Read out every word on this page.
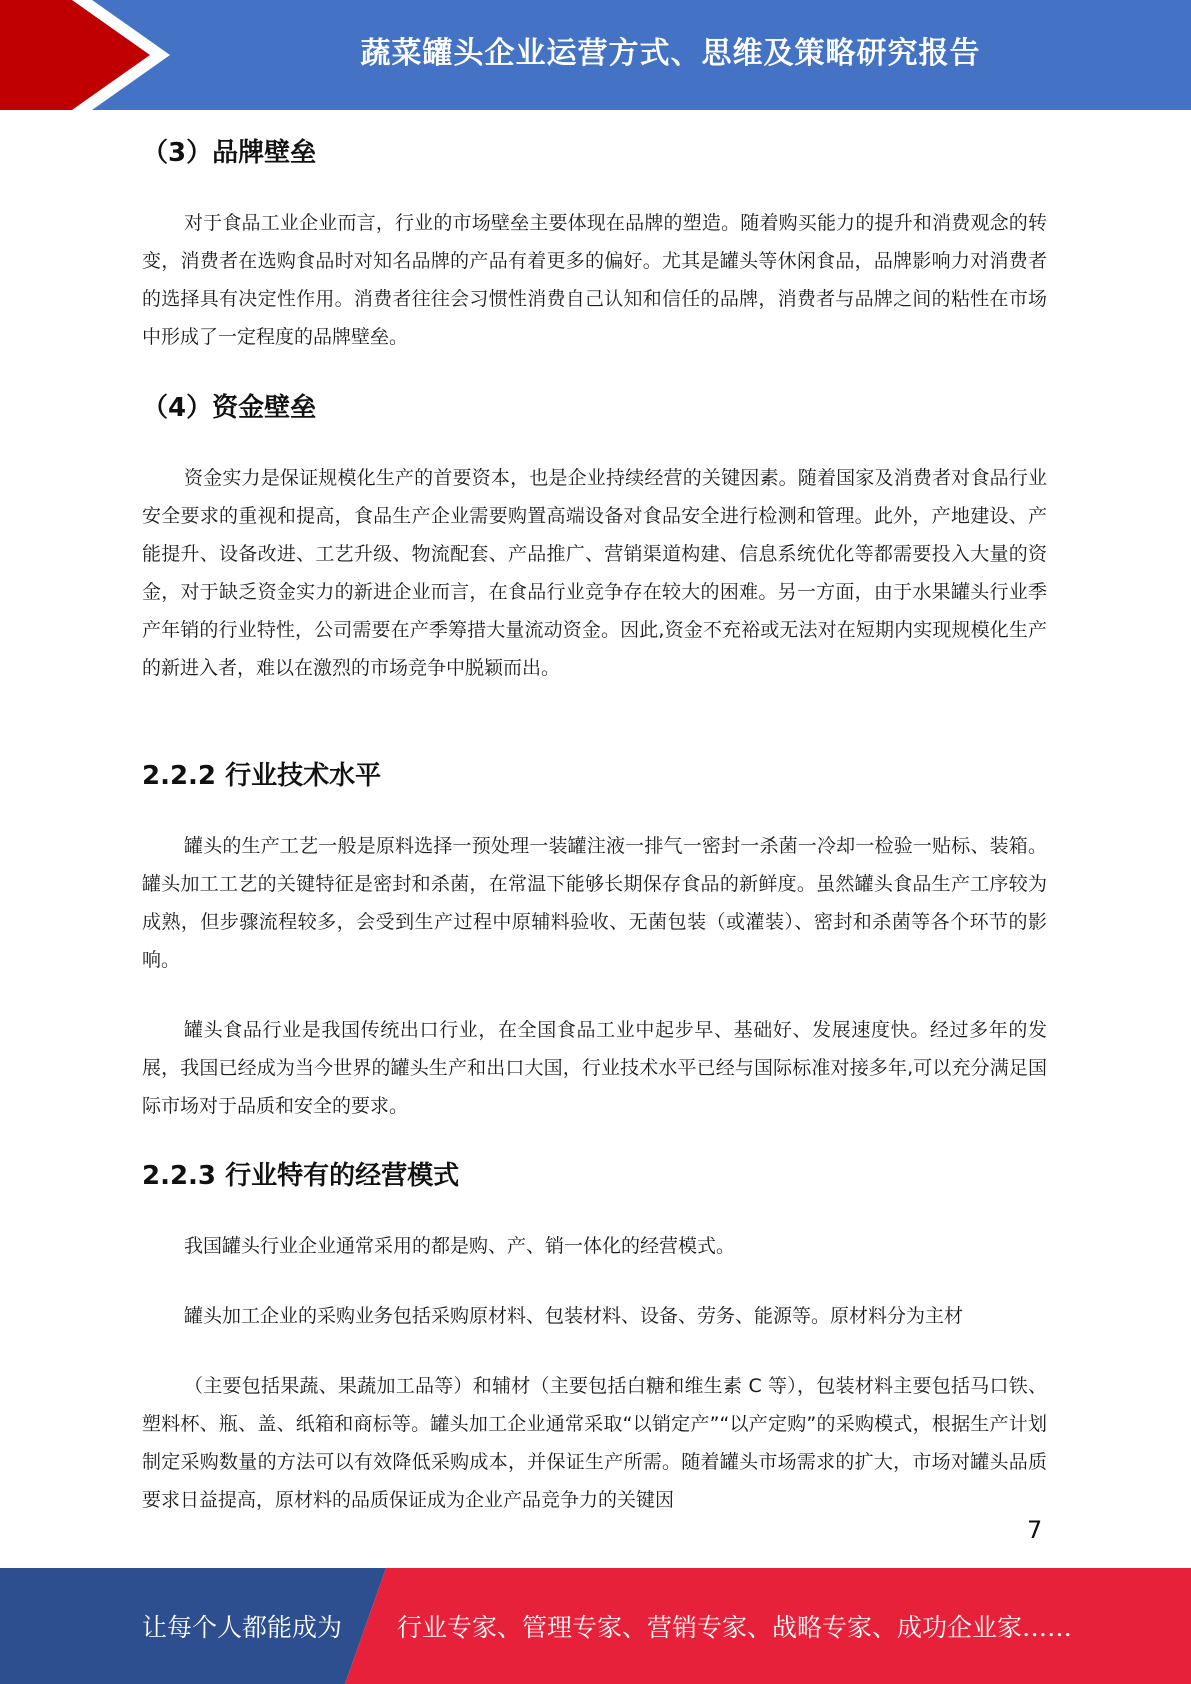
蔬菜罐头企业运营方式、思维及策略研究报告
（3）品牌壁垒

对于食品工业企业而言，行业的市场壁垒主要体现在品牌的塑造。随着购买能力的提升和消费观念的转变，消费者在选购食品时对知名品牌的产品有着更多的偏好。尤其是罐头等休闲食品，品牌影响力对消费者的选择具有决定性作用。消费者往往会习惯性消费自己认知和信任的品牌，消费者与品牌之间的粘性在市场中形成了一定程度的品牌壁垒。

（4）资金壁垒

资金实力是保证规模化生产的首要资本，也是企业持续经营的关键因素。随着国家及消费者对食品行业安全要求的重视和提高，食品生产企业需要购置高端设备对食品安全进行检测和管理。此外，产地建设、产能提升、设备改进、工艺升级、物流配套、产品推广、营销渠道构建、信息系统优化等都需要投入大量的资金，对于缺乏资金实力的新进企业而言，在食品行业竞争存在较大的困难。另一方面，由于水果罐头行业季产年销的行业特性，公司需要在产季筹措大量流动资金。因此,资金不充裕或无法对在短期内实现规模化生产的新进入者，难以在激烈的市场竞争中脱颖而出。

2.2.2 行业技术水平

罐头的生产工艺一般是原料选择一预处理一装罐注液一排气一密封一杀菌一冷却一检验一贴标、装箱。罐头加工工艺的关键特征是密封和杀菌，在常温下能够长期保存食品的新鲜度。虽然罐头食品生产工序较为成熟，但步骤流程较多，会受到生产过程中原辅料验收、无菌包装（或灌装）、密封和杀菌等各个环节的影响。

罐头食品行业是我国传统出口行业，在全国食品工业中起步早、基础好、发展速度快。经过多年的发展，我国已经成为当今世界的罐头生产和出口大国，行业技术水平已经与国际标准对接多年,可以充分满足国际市场对于品质和安全的要求。

2.2.3 行业特有的经营模式

我国罐头行业企业通常采用的都是购、产、销一体化的经营模式。

罐头加工企业的采购业务包括采购原材料、包装材料、设备、劳务、能源等。原材料分为主材

（主要包括果蔬、果蔬加工品等）和辅材（主要包括白糖和维生素 C 等），包装材料主要包括马口铁、塑料杯、瓶、盖、纸箱和商标等。罐头加工企业通常采取“以销定产”“以产定购”的采购模式，根据生产计划制定采购数量的方法可以有效降低采购成本，并保证生产所需。随着罐头市场需求的扩大，市场对罐头品质要求日益提高，原材料的品质保证成为企业产品竞争力的关键因

7
让每个人都能成为 行业专家、管理专家、营销专家、战略专家、成功企业家……
